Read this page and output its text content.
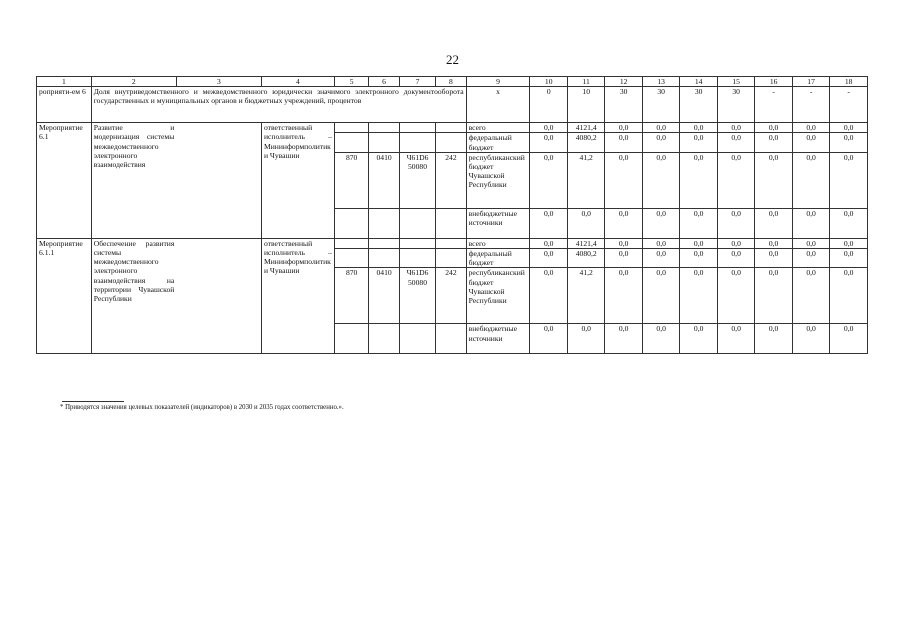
22
1	2	3	4	5	6	7	8	9	10	11	12	13	14	15	16	17	18
роприяти-ем 6	Доля внутриведомственного и межведомственного юридически значимого электронного документооборота государственных и муниципальных органов и бюджетных учреждений, процентов							x	0	10	30	30	30	30	-	-	-
Мероприятие 6.1	Развитие и модернизация системы межведомственного электронного взаимодействия		ответственный исполнитель – Мининформполитики Чувашии					всего	0,0	4121,4	0,0	0,0	0,0	0,0	0,0	0,0	0,0
								федеральный бюджет	0,0	4080,2	0,0	0,0	0,0	0,0	0,0	0,0	0,0
				870	0410	Ч61D6 50080	242	республиканский бюджет Чувашской Республики	0,0	41,2	0,0	0,0	0,0	0,0	0,0	0,0	0,0
								внебюджетные источники	0,0	0,0	0,0	0,0	0,0	0,0	0,0	0,0	0,0
Мероприятие 6.1.1	Обеспечение развития системы межведомственного электронного взаимодействия на территории Чувашской Республики		ответственный исполнитель – Мининформполитики Чувашии					всего	0,0	4121,4	0,0	0,0	0,0	0,0	0,0	0,0	0,0
								федеральный бюджет	0,0	4080,2	0,0	0,0	0,0	0,0	0,0	0,0	0,0
				870	0410	Ч61D6 50080	242	республиканский бюджет Чувашской Республики	0,0	41,2	0,0	0,0	0,0	0,0	0,0	0,0	0,0
								внебюджетные источники	0,0	0,0	0,0	0,0	0,0	0,0	0,0	0,0	0,0
* Приводятся значения целевых показателей (индикаторов) в 2030 и 2035 годах соответственно.».
